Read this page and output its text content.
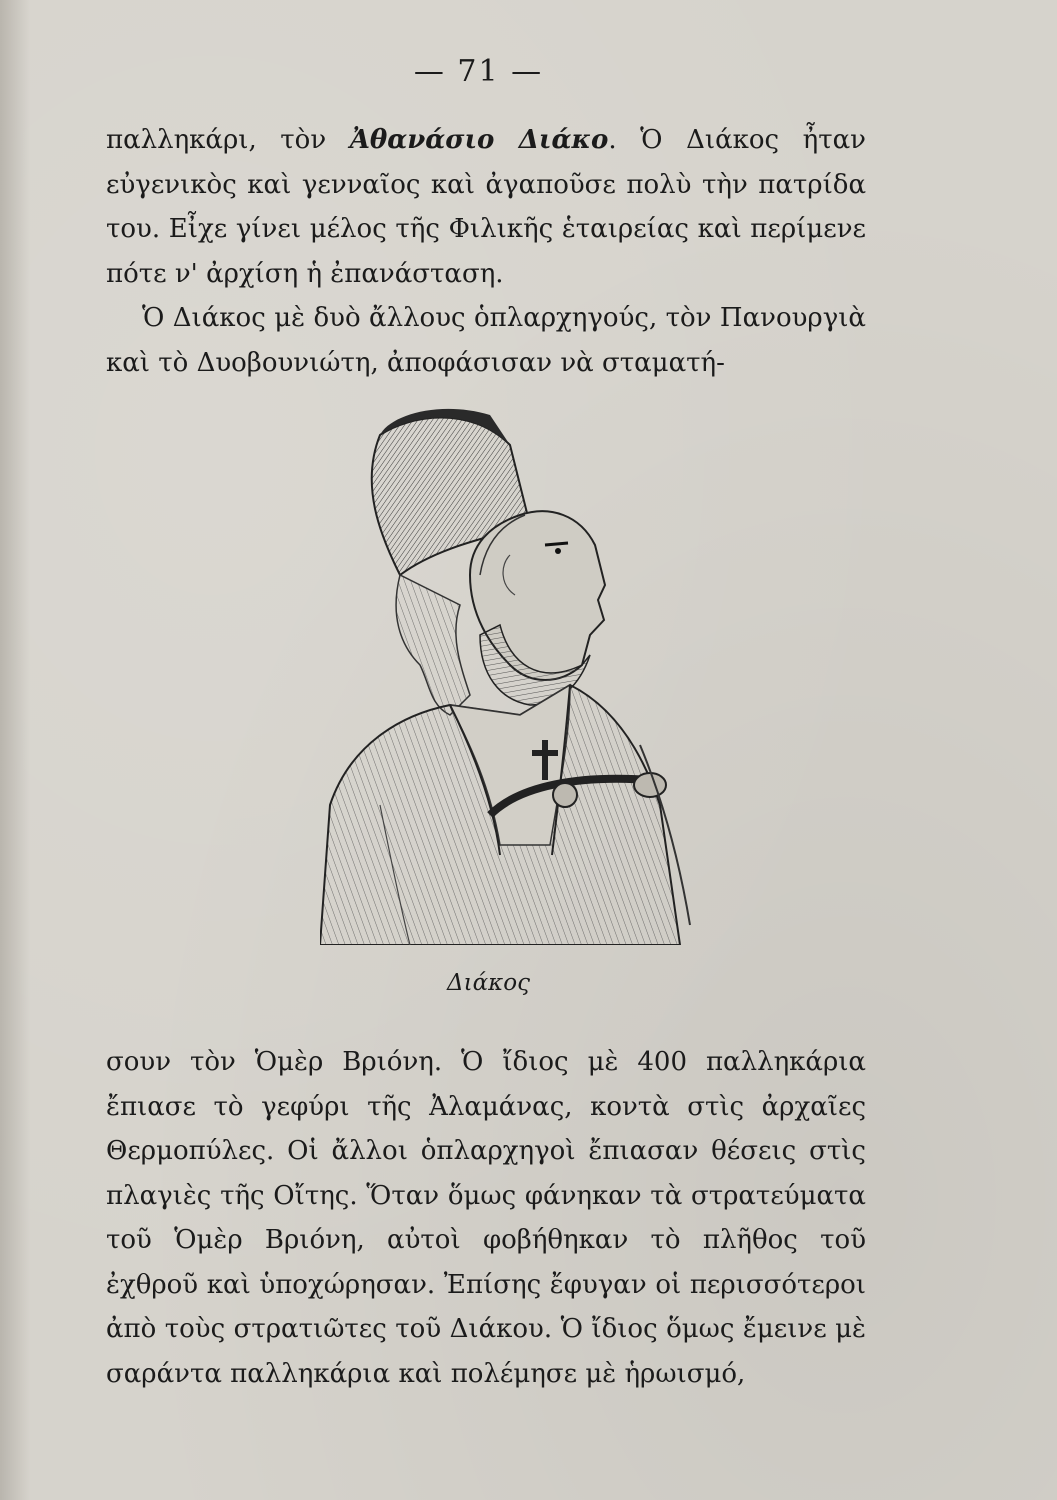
— 71 —

παλληκάρι, τὸν Ἀθανάσιο Διάκο. Ὁ Διάκος ἦταν εὐγενικὸς καὶ γενναῖος καὶ ἀγαποῦσε πολὺ τὴν πατρίδα του. Εἶχε γίνει μέλος τῆς Φιλικῆς ἑταιρείας καὶ περίμενε πότε ν' ἀρχίση ἡ ἐπανάσταση.

Ὁ Διάκος μὲ δυὸ ἄλλους ὁπλαρχηγούς, τὸν Πανουργιὰ καὶ τὸ Δυοβουνιώτη, ἀποφάσισαν νὰ σταματή-

Διάκος

σουν τὸν Ὁμὲρ Βριόνη. Ὁ ἴδιος μὲ 400 παλληκάρια ἔπιασε τὸ γεφύρι τῆς Ἀλαμάνας, κοντὰ στὶς ἀρχαῖες Θερμοπύλες. Οἱ ἄλλοι ὁπλαρχηγοὶ ἔπιασαν θέσεις στὶς πλαγιὲς τῆς Οἴτης. Ὅταν ὅμως φάνηκαν τὰ στρατεύματα τοῦ Ὁμὲρ Βριόνη, αὐτοὶ φοβήθηκαν τὸ πλῆθος τοῦ ἐχθροῦ καὶ ὑποχώρησαν. Ἐπίσης ἔφυγαν οἱ περισσότεροι ἀπὸ τοὺς στρατιῶτες τοῦ Διάκου. Ὁ ἴδιος ὅμως ἔμεινε μὲ σαράντα παλληκάρια καὶ πολέμησε μὲ ἡρωισμό,
